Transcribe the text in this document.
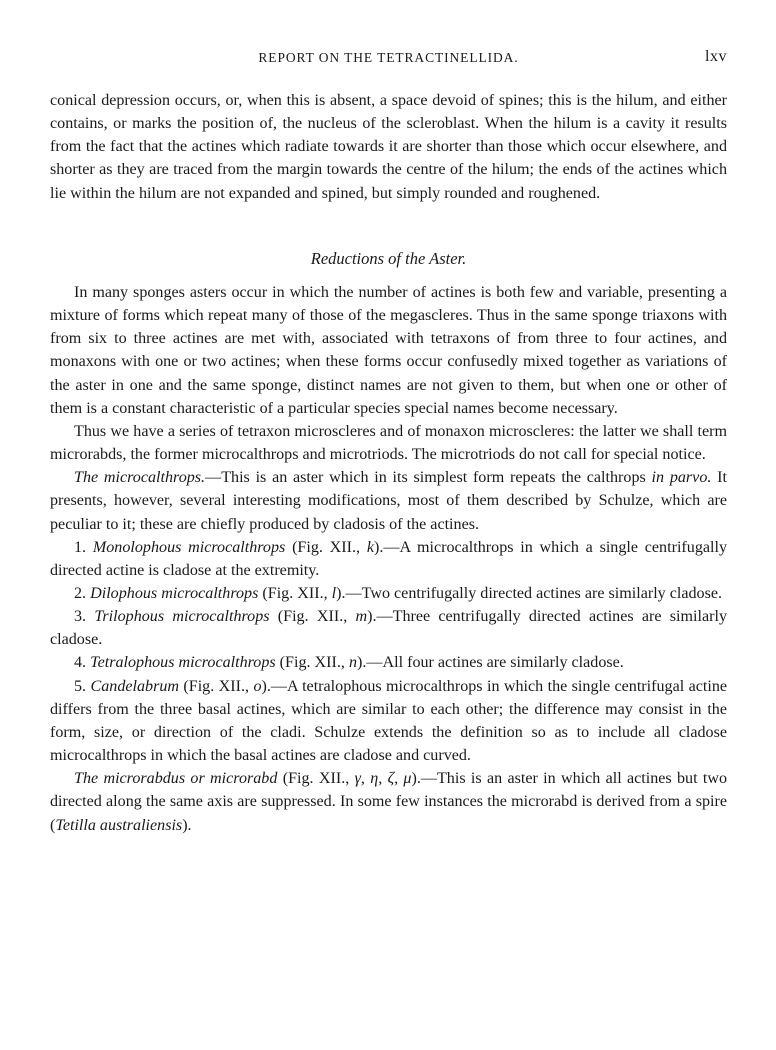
REPORT ON THE TETRACTINELLIDA.	lxv

conical depression occurs, or, when this is absent, a space devoid of spines; this is the hilum, and either contains, or marks the position of, the nucleus of the scleroblast. When the hilum is a cavity it results from the fact that the actines which radiate towards it are shorter than those which occur elsewhere, and shorter as they are traced from the margin towards the centre of the hilum; the ends of the actines which lie within the hilum are not expanded and spined, but simply rounded and roughened.

Reductions of the Aster.

In many sponges asters occur in which the number of actines is both few and variable, presenting a mixture of forms which repeat many of those of the megascleres. Thus in the same sponge triaxons with from six to three actines are met with, associated with tetraxons of from three to four actines, and monaxons with one or two actines; when these forms occur confusedly mixed together as variations of the aster in one and the same sponge, distinct names are not given to them, but when one or other of them is a constant characteristic of a particular species special names become necessary.

Thus we have a series of tetraxon microscleres and of monaxon microscleres: the latter we shall term microrabds, the former microcalthrops and microtriods. The microtriods do not call for special notice.

The microcalthrops.—This is an aster which in its simplest form repeats the calthrops in parvo. It presents, however, several interesting modifications, most of them described by Schulze, which are peculiar to it; these are chiefly produced by cladosis of the actines.

1. Monolophous microcalthrops (Fig. XII., k).—A microcalthrops in which a single centrifugally directed actine is cladose at the extremity.

2. Dilophous microcalthrops (Fig. XII., l).—Two centrifugally directed actines are similarly cladose.

3. Trilophous microcalthrops (Fig. XII., m).—Three centrifugally directed actines are similarly cladose.

4. Tetralophous microcalthrops (Fig. XII., n).—All four actines are similarly cladose.

5. Candelabrum (Fig. XII., o).—A tetralophous microcalthrops in which the single centrifugal actine differs from the three basal actines, which are similar to each other; the difference may consist in the form, size, or direction of the cladi. Schulze extends the definition so as to include all cladose microcalthrops in which the basal actines are cladose and curved.

The microrabdus or microrabd (Fig. XII., γ, η, ζ, μ).—This is an aster in which all actines but two directed along the same axis are suppressed. In some few instances the microrabd is derived from a spire (Tetilla australiensis).
